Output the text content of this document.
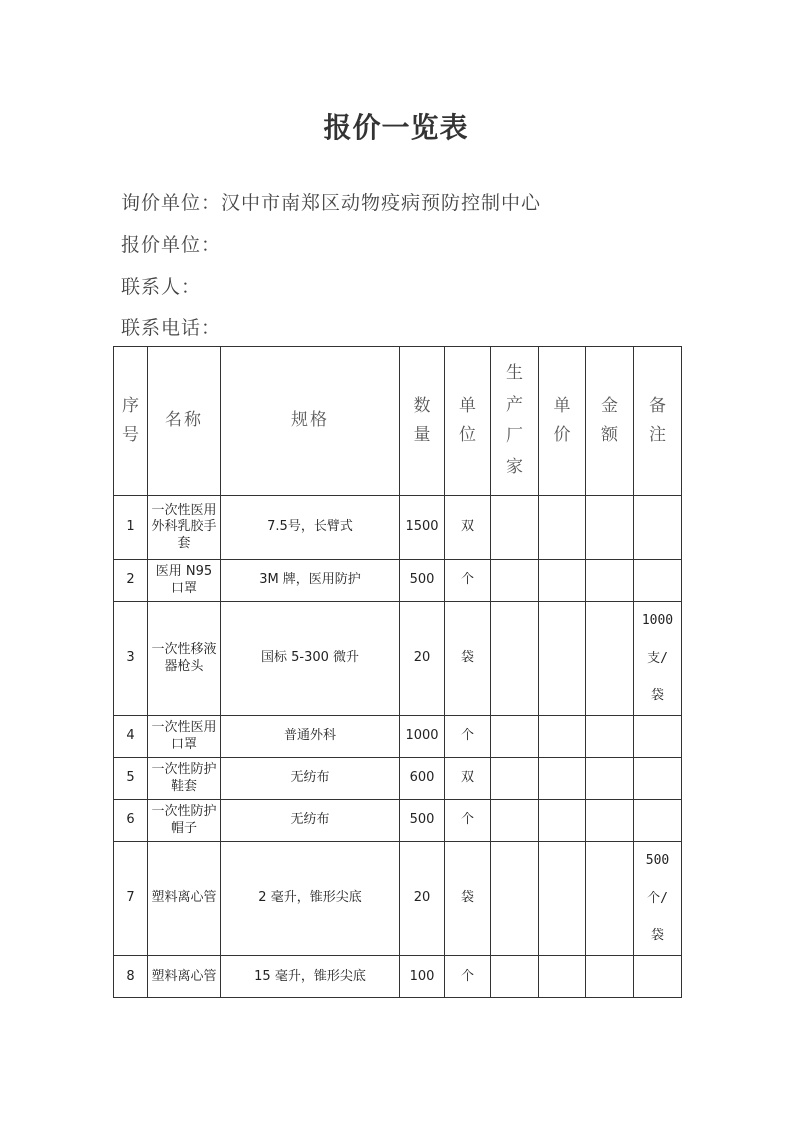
报价一览表
询价单位：汉中市南郑区动物疫病预防控制中心
报价单位：
联系人：
联系电话：
序号	名称	规格	数量	单位	生产厂家	单价	金额	备注
1	一次性医用外科乳胶手套	7.5号，长臂式	1500	双				
2	医用 N95 口罩	3M 牌，医用防护	500	个				
3	一次性移液器枪头	国标 5-300 微升	20	袋				1000支/袋
4	一次性医用口罩	普通外科	1000	个				
5	一次性防护鞋套	无纺布	600	双				
6	一次性防护帽子	无纺布	500	个				
7	塑料离心管	2 毫升，锥形尖底	20	袋				500个/袋
8	塑料离心管	15 毫升，锥形尖底	100	个				
